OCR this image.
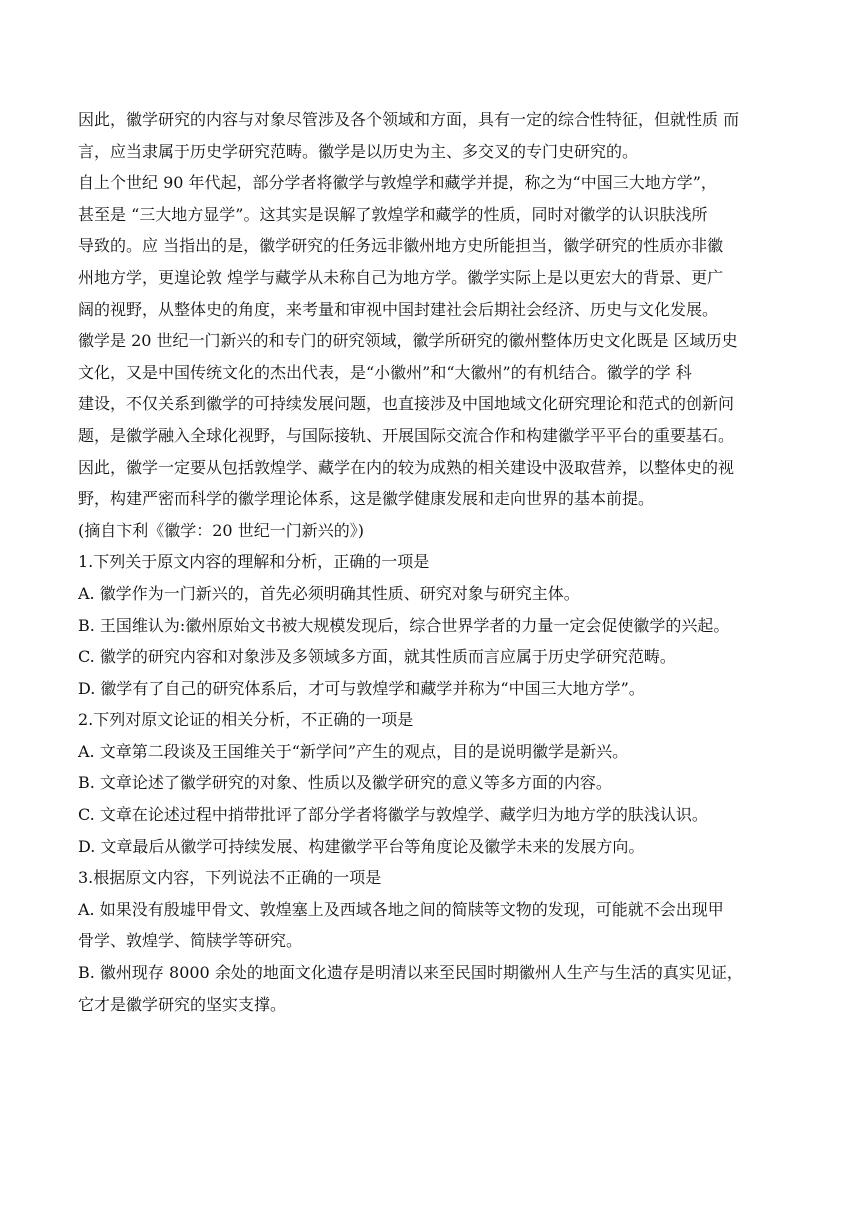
因此，徽学研究的内容与对象尽管涉及各个领域和方面，具有一定的综合性特征，但就性质 而
言，应当隶属于历史学研究范畴。徽学是以历史为主、多交叉的专门史研究的。
自上个世纪 90 年代起，部分学者将徽学与敦煌学和藏学并提，称之为“中国三大地方学”，
甚至是 “三大地方显学”。这其实是误解了敦煌学和藏学的性质，同时对徽学的认识肤浅所
导致的。应 当指出的是，徽学研究的任务远非徽州地方史所能担当，徽学研究的性质亦非徽
州地方学，更遑论敦 煌学与藏学从未称自己为地方学。徽学实际上是以更宏大的背景、更广
阔的视野，从整体史的角度，来考量和审视中国封建社会后期社会经济、历史与文化发展。
徽学是 20 世纪一门新兴的和专门的研究领域，徽学所研究的徽州整体历史文化既是 区域历史
文化，又是中国传统文化的杰出代表，是“小徽州”和“大徽州”的有机结合。徽学的学 科
建设，不仅关系到徽学的可持续发展问题，也直接涉及中国地域文化研究理论和范式的创新问
题，是徽学融入全球化视野，与国际接轨、开展国际交流合作和构建徽学平平台的重要基石。
因此，徽学一定要从包括敦煌学、藏学在内的较为成熟的相关建设中汲取营养，以整体史的视
野，构建严密而科学的徽学理论体系，这是徽学健康发展和走向世界的基本前提。
(摘自卞利《徽学：20 世纪一门新兴的》)
1.下列关于原文内容的理解和分析，正确的一项是
A. 徽学作为一门新兴的，首先必须明确其性质、研究对象与研究主体。
B. 王国维认为:徽州原始文书被大规模发现后，综合世界学者的力量一定会促使徽学的兴起。
C. 徽学的研究内容和对象涉及多领域多方面，就其性质而言应属于历史学研究范畴。
D. 徽学有了自己的研究体系后，才可与敦煌学和藏学并称为“中国三大地方学”。
2.下列对原文论证的相关分析，不正确的一项是
A. 文章第二段谈及王国维关于“新学问”产生的观点，目的是说明徽学是新兴。
B. 文章论述了徽学研究的对象、性质以及徽学研究的意义等多方面的内容。
C. 文章在论述过程中捎带批评了部分学者将徽学与敦煌学、藏学归为地方学的肤浅认识。
D. 文章最后从徽学可持续发展、构建徽学平台等角度论及徽学未来的发展方向。
3.根据原文内容，下列说法不正确的一项是
A. 如果没有殷墟甲骨文、敦煌塞上及西域各地之间的简牍等文物的发现，可能就不会出现甲
骨学、敦煌学、简牍学等研究。
B. 徽州现存 8000 余处的地面文化遗存是明清以来至民国时期徽州人生产与生活的真实见证，
它才是徽学研究的坚实支撑。
